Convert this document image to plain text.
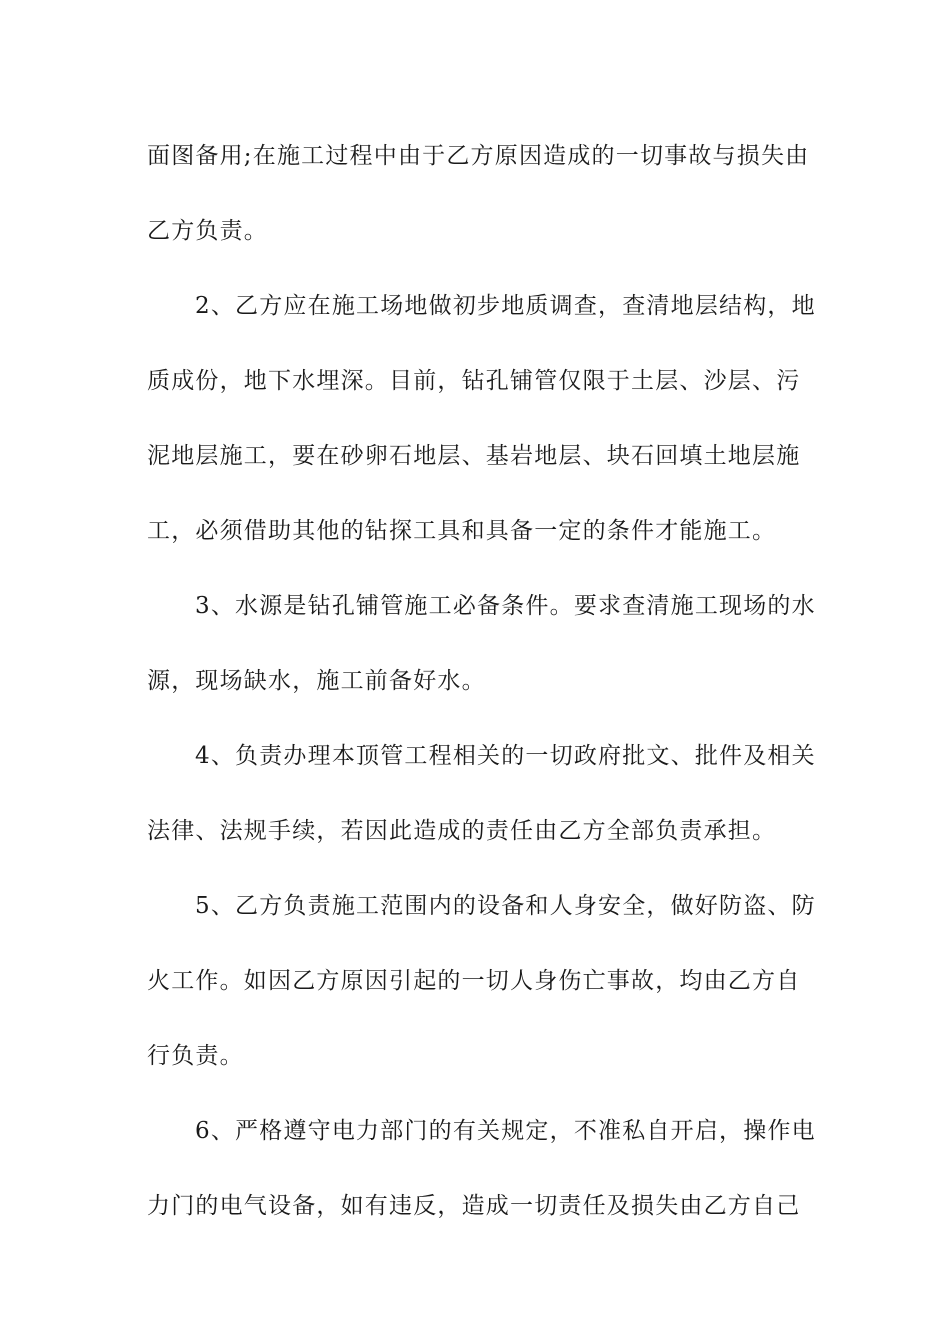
面图备用;在施工过程中由于乙方原因造成的一切事故与损失由
乙方负责。
2、乙方应在施工场地做初步地质调查，查清地层结构，地
质成份，地下水埋深。目前，钻孔铺管仅限于土层、沙层、污
泥地层施工，要在砂卵石地层、基岩地层、块石回填土地层施
工，必须借助其他的钻探工具和具备一定的条件才能施工。
3、水源是钻孔铺管施工必备条件。要求查清施工现场的水
源，现场缺水，施工前备好水。
4、负责办理本顶管工程相关的一切政府批文、批件及相关
法律、法规手续，若因此造成的责任由乙方全部负责承担。
5、乙方负责施工范围内的设备和人身安全，做好防盗、防
火工作。如因乙方原因引起的一切人身伤亡事故，均由乙方自
行负责。
6、严格遵守电力部门的有关规定，不准私自开启，操作电
力门的电气设备，如有违反，造成一切责任及损失由乙方自己
